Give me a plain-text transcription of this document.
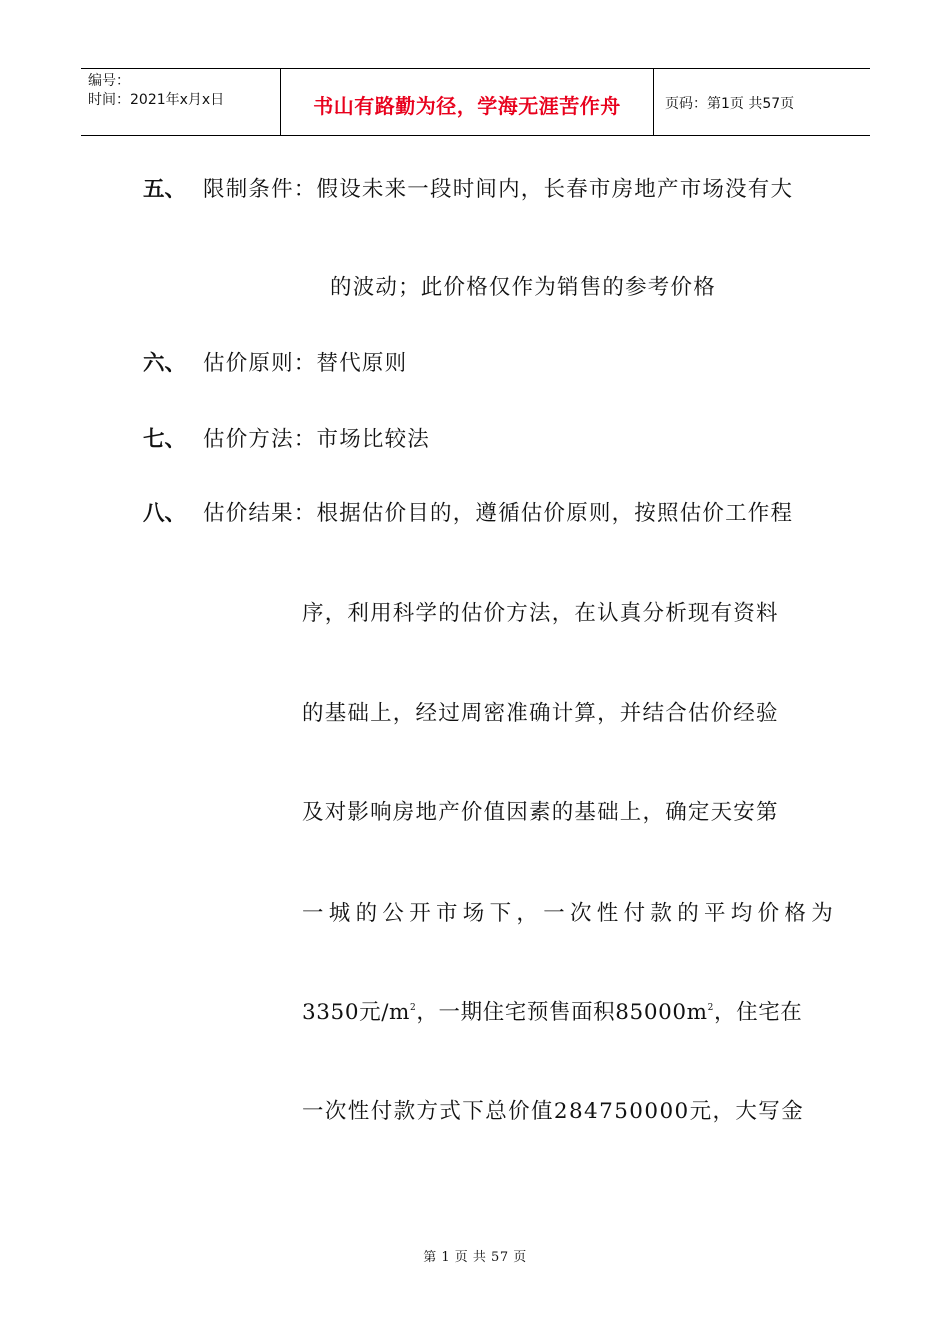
编号：
时间：2021年x月x日	书山有路勤为径，学海无涯苦作舟	页码：第1页 共57页
五、 限制条件：假设未来一段时间内，长春市房地产市场没有大
的波动；此价格仅作为销售的参考价格
六、 估价原则：替代原则
七、 估价方法：市场比较法
八、 估价结果：根据估价目的，遵循估价原则，按照估价工作程
序，利用科学的估价方法，在认真分析现有资料
的基础上，经过周密准确计算，并结合估价经验
及对影响房地产价值因素的基础上，确定天安第
一城的公开市场下，一次性付款的平均价格为
3350元$/m^2$，一期住宅预售面积$85000m^2$，住宅在
一次性付款方式下总价值284750000元，大写金
第 1 页 共 57 页
